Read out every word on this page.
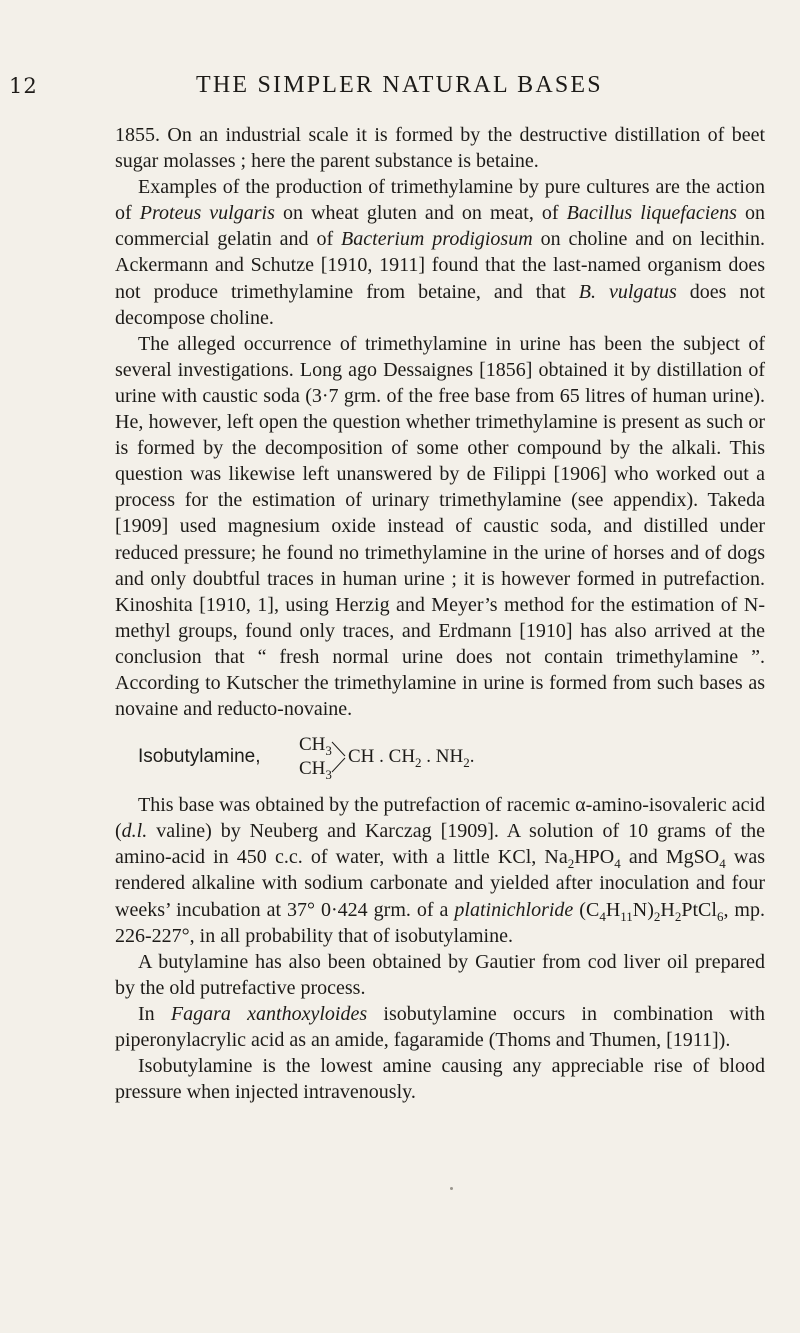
12	THE SIMPLER NATURAL BASES

1855. On an industrial scale it is formed by the destructive distillation of beet sugar molasses ; here the parent substance is betaine.

Examples of the production of trimethylamine by pure cultures are the action of Proteus vulgaris on wheat gluten and on meat, of Bacillus liquefaciens on commercial gelatin and of Bacterium prodigiosum on choline and on lecithin. Ackermann and Schutze [1910, 1911] found that the last-named organism does not produce trimethylamine from betaine, and that B. vulgatus does not decompose choline.

The alleged occurrence of trimethylamine in urine has been the subject of several investigations. Long ago Dessaignes [1856] obtained it by distillation of urine with caustic soda (3·7 grm. of the free base from 65 litres of human urine). He, however, left open the question whether trimethylamine is present as such or is formed by the decomposition of some other compound by the alkali. This question was likewise left unanswered by de Filippi [1906] who worked out a process for the estimation of urinary trimethylamine (see appendix). Takeda [1909] used magnesium oxide instead of caustic soda, and distilled under reduced pressure; he found no trimethylamine in the urine of horses and of dogs and only doubtful traces in human urine ; it is however formed in putrefaction. Kinoshita [1910, 1], using Herzig and Meyer’s method for the estimation of N-methyl groups, found only traces, and Erdmann [1910] has also arrived at the conclusion that “ fresh normal urine does not contain trimethylamine ”. According to Kutscher the trimethylamine in urine is formed from such bases as novaine and reducto-novaine.

Isobutylamine,
$CH_3$
$CH_3$
CH . $CH_2$ . $NH_2$.

This base was obtained by the putrefaction of racemic α-amino-isovaleric acid (d.l. valine) by Neuberg and Karczag [1909]. A solution of 10 grams of the amino-acid in 450 c.c. of water, with a little KCl, $Na_2HPO_4$ and MgSO$_4$ was rendered alkaline with sodium carbonate and yielded after inoculation and four weeks’ incubation at 37° 0·424 grm. of a platinichloride $(C_4H_{11}N)_2H_2PtCl_6$, mp. 226-227°, in all probability that of isobutylamine.

A butylamine has also been obtained by Gautier from cod liver oil prepared by the old putrefactive process.

In Fagara xanthoxyloides isobutylamine occurs in combination with piperonylacrylic acid as an amide, fagaramide (Thoms and Thumen, [1911]).

Isobutylamine is the lowest amine causing any appreciable rise of blood pressure when injected intravenously.
